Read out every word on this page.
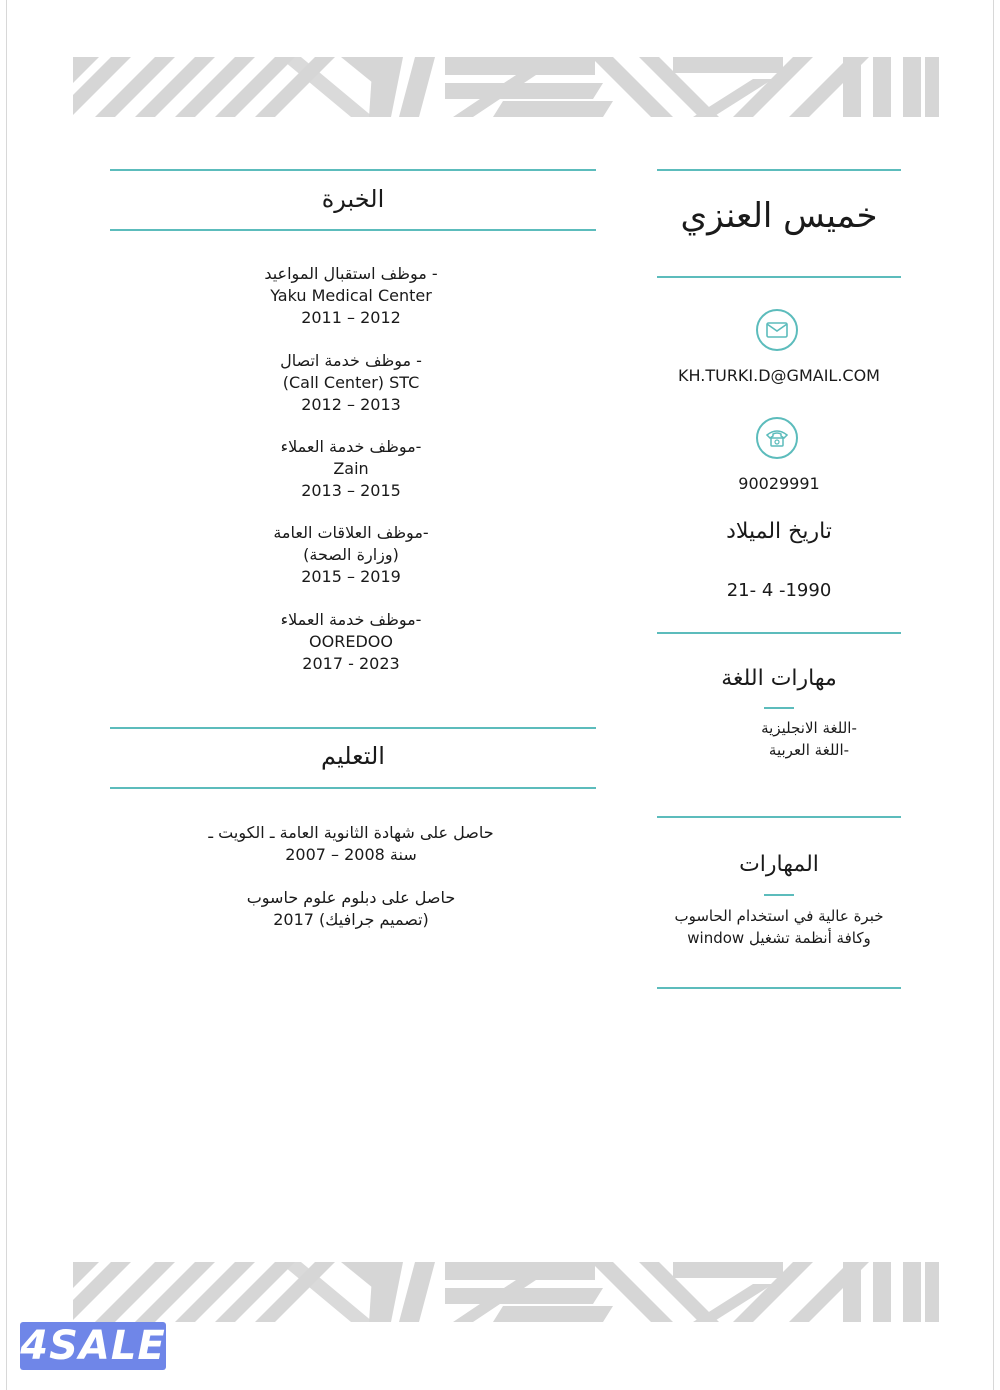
الخبرة
- موظف استقبال المواعيد
Yaku Medical Center
2011 – 2012
- موظف خدمة اتصال
(Call Center) STC
2012 – 2013
-موظف خدمة العملاء
Zain
2013 – 2015
-موظف العلاقات العامة
(وزارة الصحة)
2015 – 2019
-موظف خدمة العملاء
OOREDOO
2017 - 2023
التعليم
حاصل على شهادة الثانوية العامة ـ الكويت ـ
سنة 2008 – 2007
حاصل على دبلوم علوم حاسوب
(تصميم جرافيك) 2017
خميس العنزي
KH.TURKI.D@GMAIL.COM
90029991
تاريخ الميلاد
1990- 4 -21
مهارات اللغة
-اللغة الانجليزية
-اللغة العربية
المهارات
خبرة عالية في استخدام الحاسوب
وكافة أنظمة تشغيل window
4SALE
